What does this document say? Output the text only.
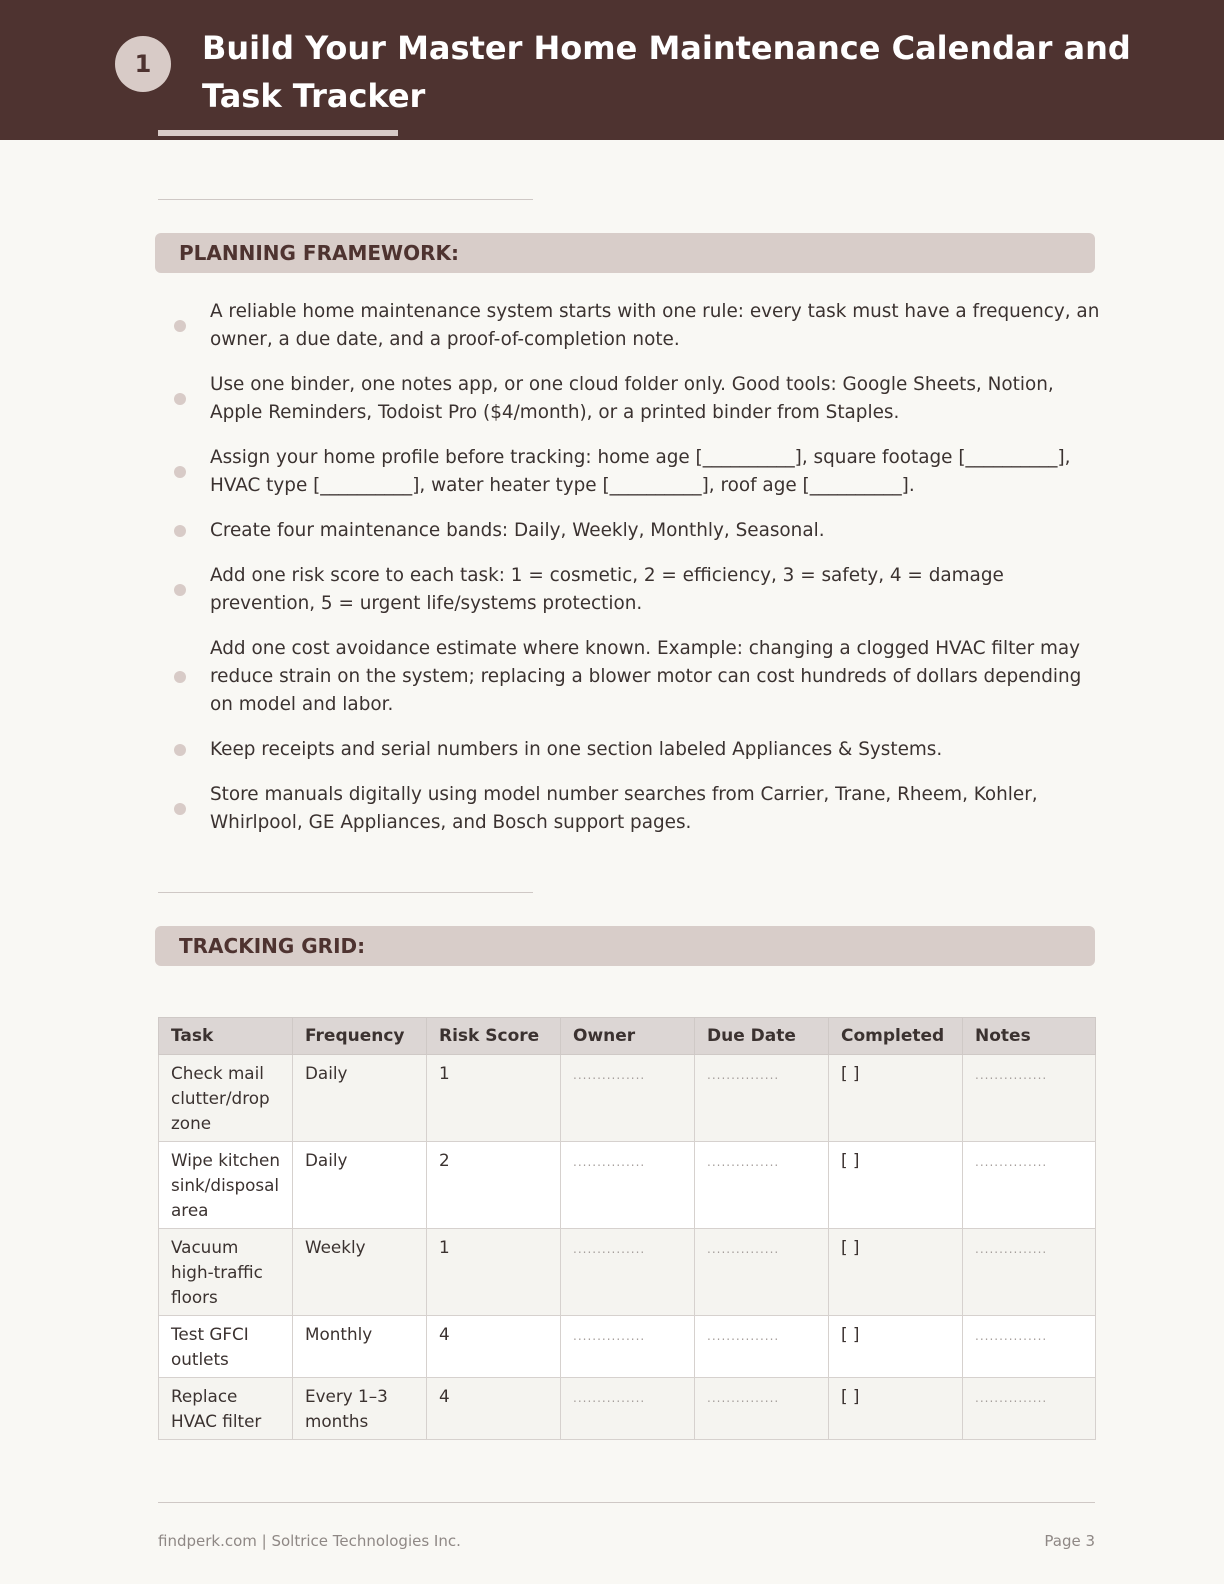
1	Build Your Master Home Maintenance Calendar and Task Tracker
PLANNING FRAMEWORK:
A reliable home maintenance system starts with one rule: every task must have a frequency, an owner, a due date, and a proof-of-completion note.
Use one binder, one notes app, or one cloud folder only. Good tools: Google Sheets, Notion, Apple Reminders, Todoist Pro ($4/month), or a printed binder from Staples.
Assign your home profile before tracking: home age [__________], square footage [__________], HVAC type [__________], water heater type [__________], roof age [__________].
Create four maintenance bands: Daily, Weekly, Monthly, Seasonal.
Add one risk score to each task: 1 = cosmetic, 2 = efficiency, 3 = safety, 4 = damage prevention, 5 = urgent life/systems protection.
Add one cost avoidance estimate where known. Example: changing a clogged HVAC filter may reduce strain on the system; replacing a blower motor can cost hundreds of dollars depending on model and labor.
Keep receipts and serial numbers in one section labeled Appliances & Systems.
Store manuals digitally using model number searches from Carrier, Trane, Rheem, Kohler, Whirlpool, GE Appliances, and Bosch support pages.
TRACKING GRID:
Task	Frequency	Risk Score	Owner	Due Date	Completed	Notes
Check mail clutter/drop zone	Daily	1	...............	...............	[ ]	...............
Wipe kitchen sink/disposal area	Daily	2	...............	...............	[ ]	...............
Vacuum high-traffic floors	Weekly	1	...............	...............	[ ]	...............
Test GFCI outlets	Monthly	4	...............	...............	[ ]	...............
Replace HVAC filter	Every 1–3 months	4	...............	...............	[ ]	...............
findperk.com | Soltrice Technologies Inc.	Page 3
